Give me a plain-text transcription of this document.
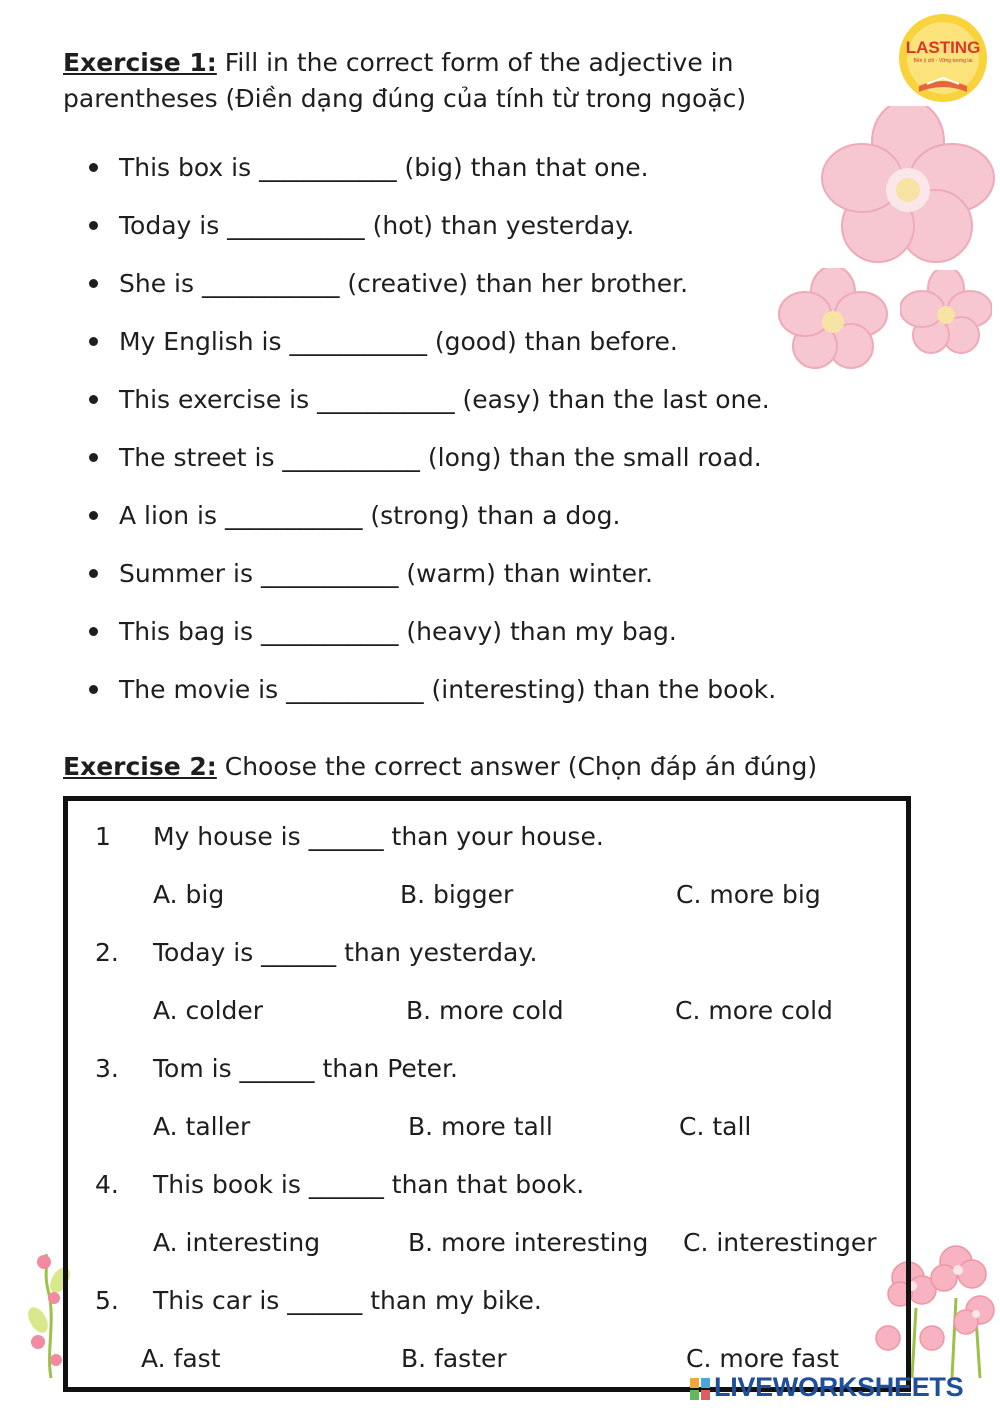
LASTING
Bền ý chí - Vững tương lai
Exercise 1: Fill in the correct form of the adjective in parentheses (Điền dạng đúng của tính từ trong ngoặc)
This box is ___________ (big) than that one.
Today is ___________ (hot) than yesterday.
She is ___________ (creative) than her brother.
My English is ___________ (good) than before.
This exercise is ___________ (easy) than the last one.
The street is ___________ (long) than the small road.
A lion is ___________ (strong) than a dog.
Summer is ___________ (warm) than winter.
This bag is ___________ (heavy) than my bag.
The movie is ___________ (interesting) than the book.
Exercise 2: Choose the correct answer (Chọn đáp án đúng)
1 My house is ______ than your house.
A. big	B. bigger	C. more big
2. Today is ______ than yesterday.
A. colder	B. more cold	C. more cold
3. Tom is ______ than Peter.
A. taller	B. more tall	C. tall
4. This book is ______ than that book.
A. interesting	B. more interesting C. interestinger
5. This car is ______ than my bike.
A. fast	B. faster	C. more fast
LIVEWORKSHEETS
